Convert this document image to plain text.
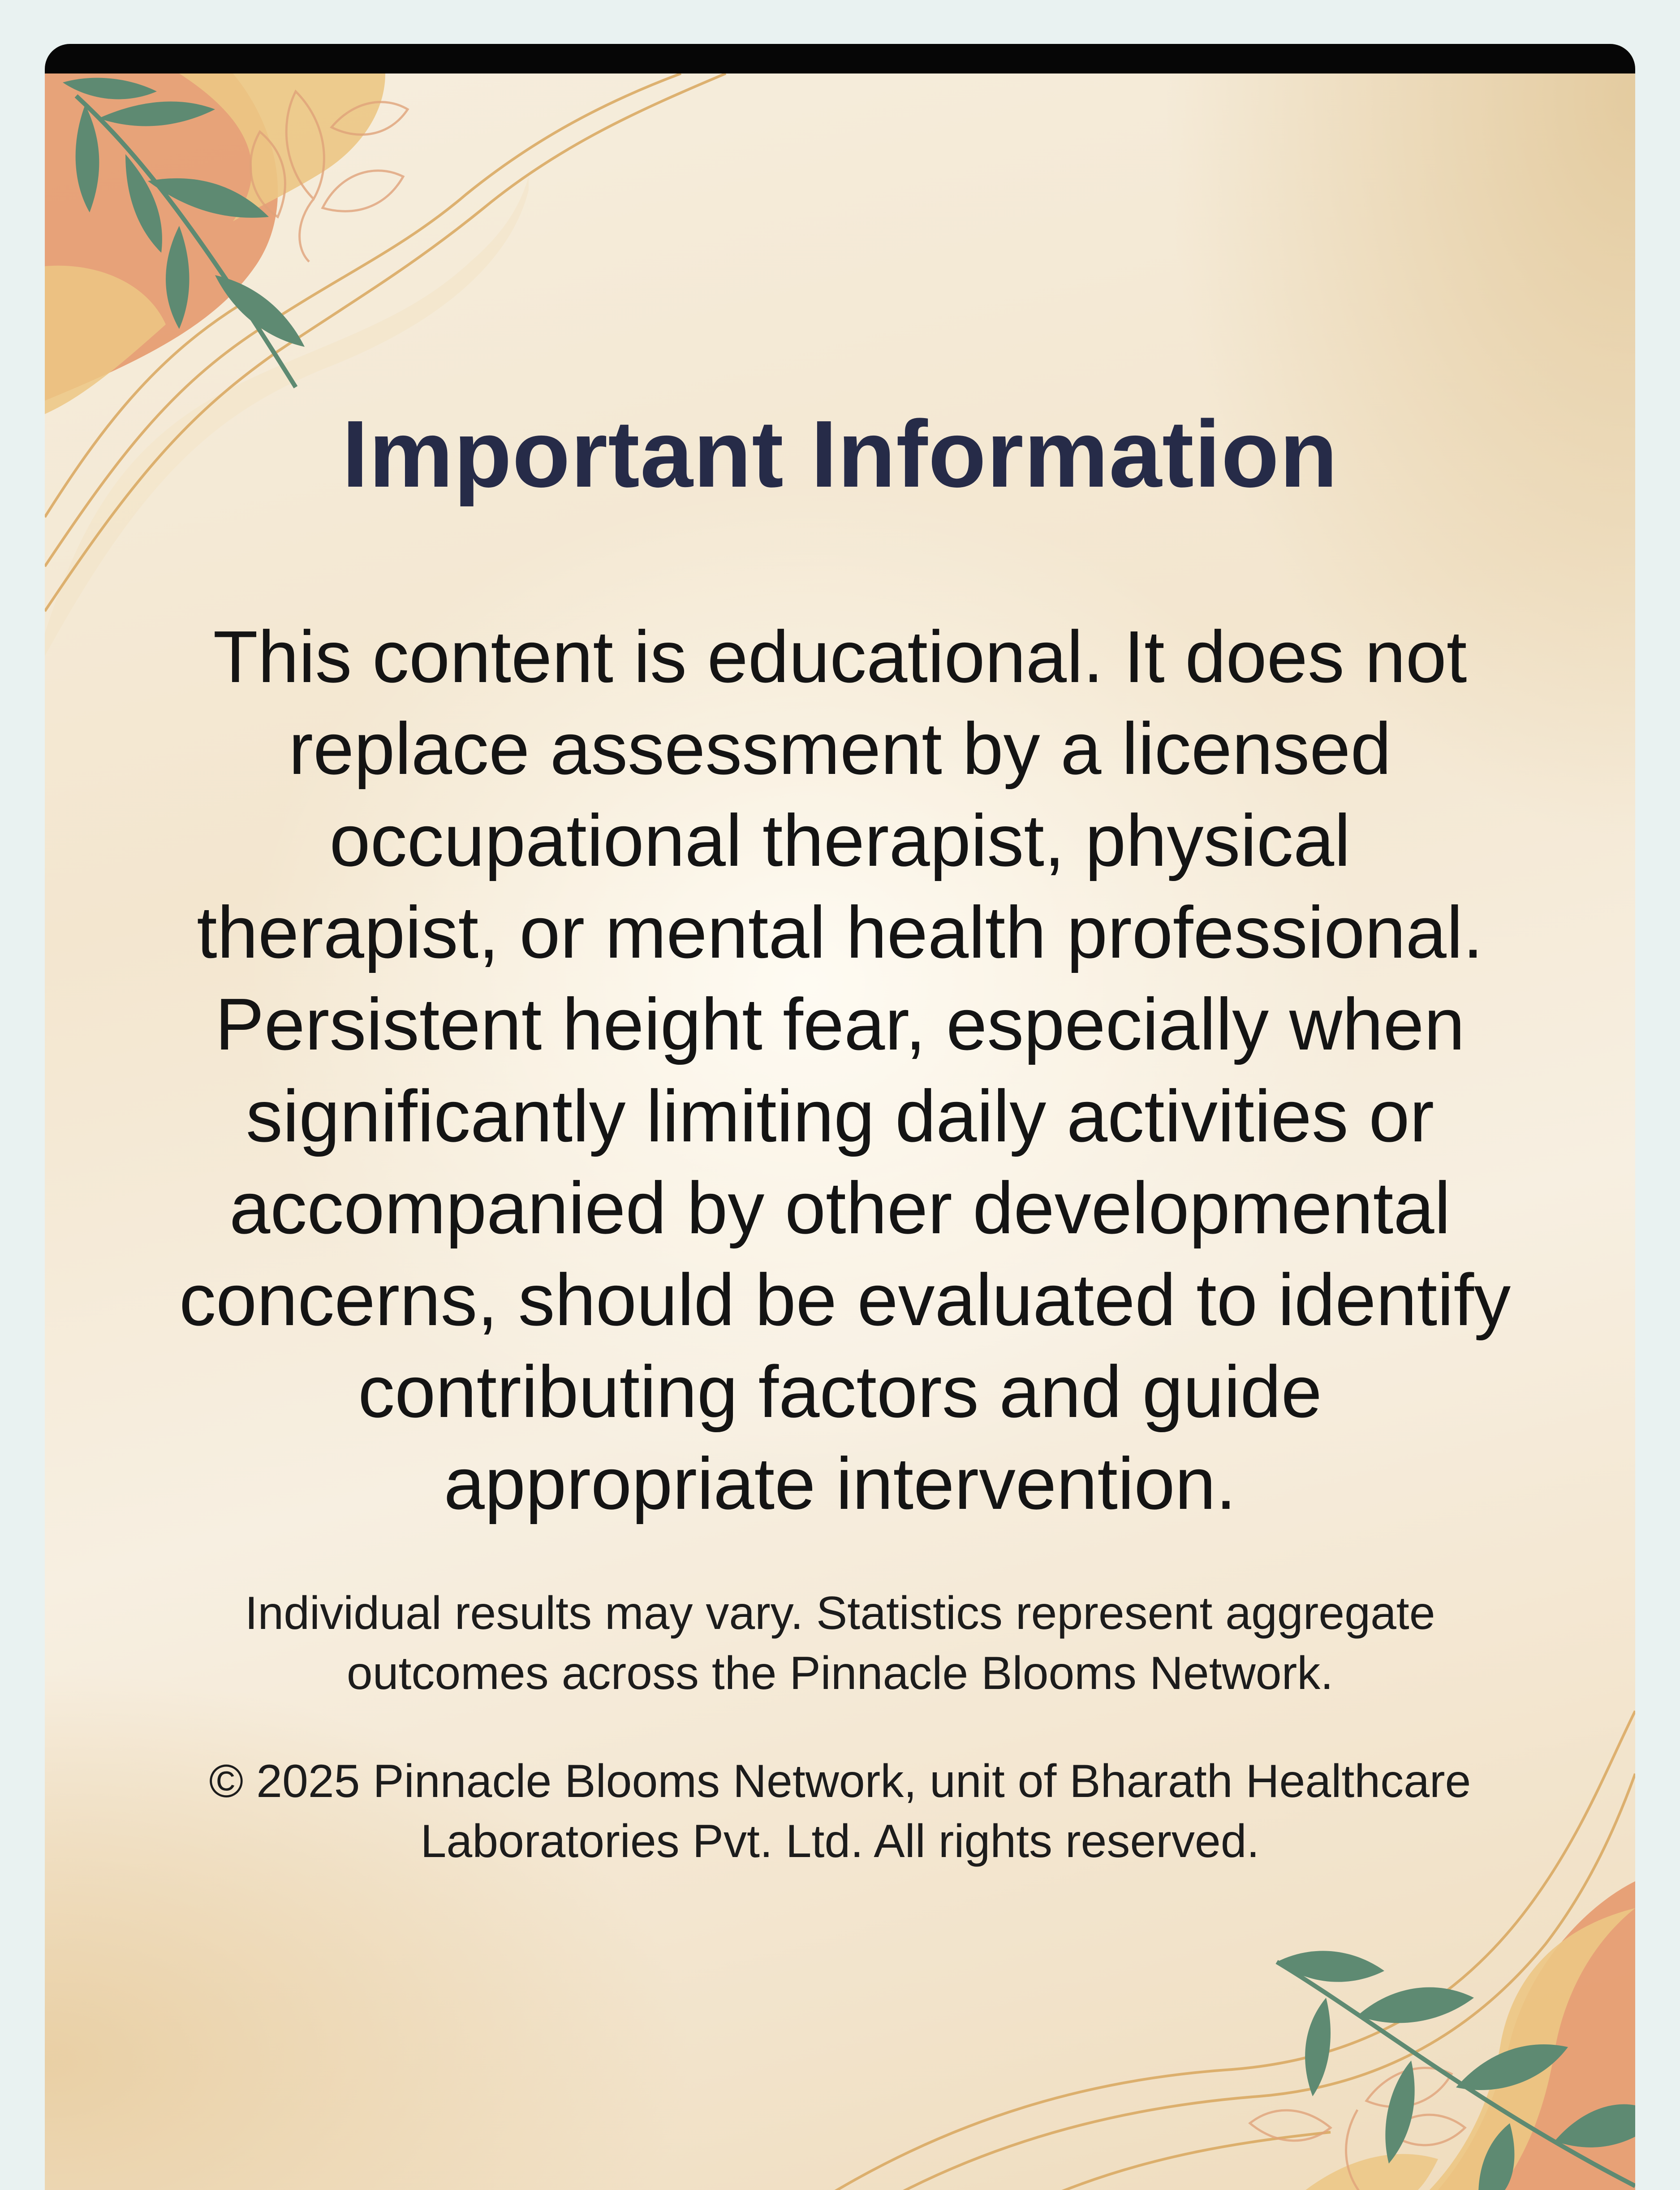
Important Information

This content is educational. It does not
replace assessment by a licensed
occupational therapist, physical
therapist, or mental health professional.
Persistent height fear, especially when
significantly limiting daily activities or
accompanied by other developmental
concerns, should be evaluated to identify
contributing factors and guide
appropriate intervention.

Individual results may vary. Statistics represent aggregate
outcomes across the Pinnacle Blooms Network.

© 2025 Pinnacle Blooms Network, unit of Bharath Healthcare
Laboratories Pvt. Ltd. All rights reserved.
